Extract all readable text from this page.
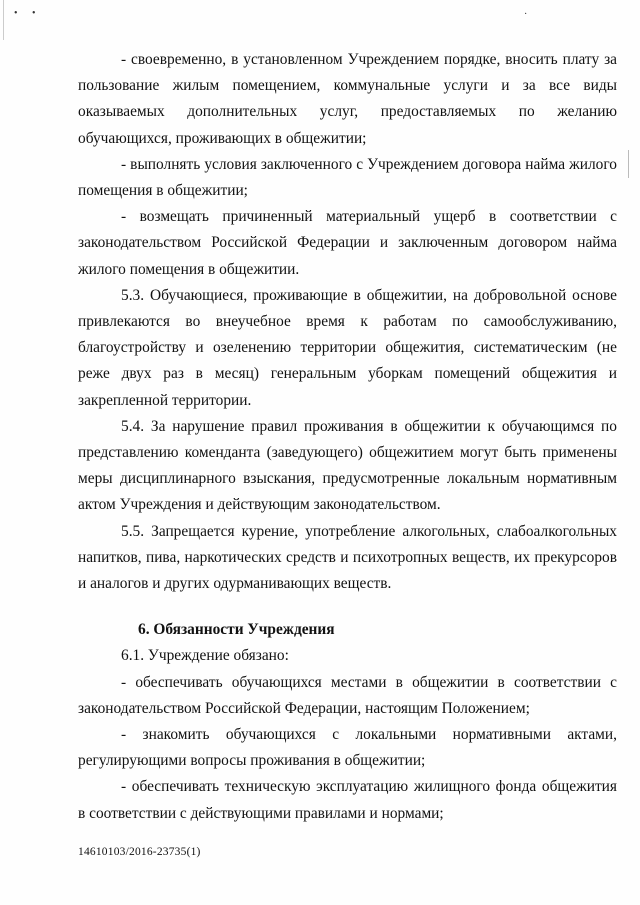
• •	·

- своевременно, в установленном Учреждением порядке, вносить плату за пользование жилым помещением, коммунальные услуги и за все виды оказываемых дополнительных услуг, предоставляемых по желанию обучающихся, проживающих в общежитии;

- выполнять условия заключенного с Учреждением договора найма жилого помещения в общежитии;

- возмещать причиненный материальный ущерб в соответствии с законодательством Российской Федерации и заключенным договором найма жилого помещения в общежитии.

5.3. Обучающиеся, проживающие в общежитии, на добровольной основе привлекаются во внеучебное время к работам по самообслуживанию, благоустройству и озеленению территории общежития, систематическим (не реже двух раз в месяц) генеральным уборкам помещений общежития и закрепленной территории.

5.4. За нарушение правил проживания в общежитии к обучающимся по представлению коменданта (заведующего) общежитием могут быть применены меры дисциплинарного взыскания, предусмотренные локальным нормативным актом Учреждения и действующим законодательством.

5.5. Запрещается курение, употребление алкогольных, слабоалкогольных напитков, пива, наркотических средств и психотропных веществ, их прекурсоров и аналогов и других одурманивающих веществ.

6. Обязанности Учреждения

6.1. Учреждение обязано:

- обеспечивать обучающихся местами в общежитии в соответствии с законодательством Российской Федерации, настоящим Положением;

- знакомить обучающихся с локальными нормативными актами, регулирующими вопросы проживания в общежитии;

- обеспечивать техническую эксплуатацию жилищного фонда общежития в соответствии с действующими правилами и нормами;

14610103/2016-23735(1)
